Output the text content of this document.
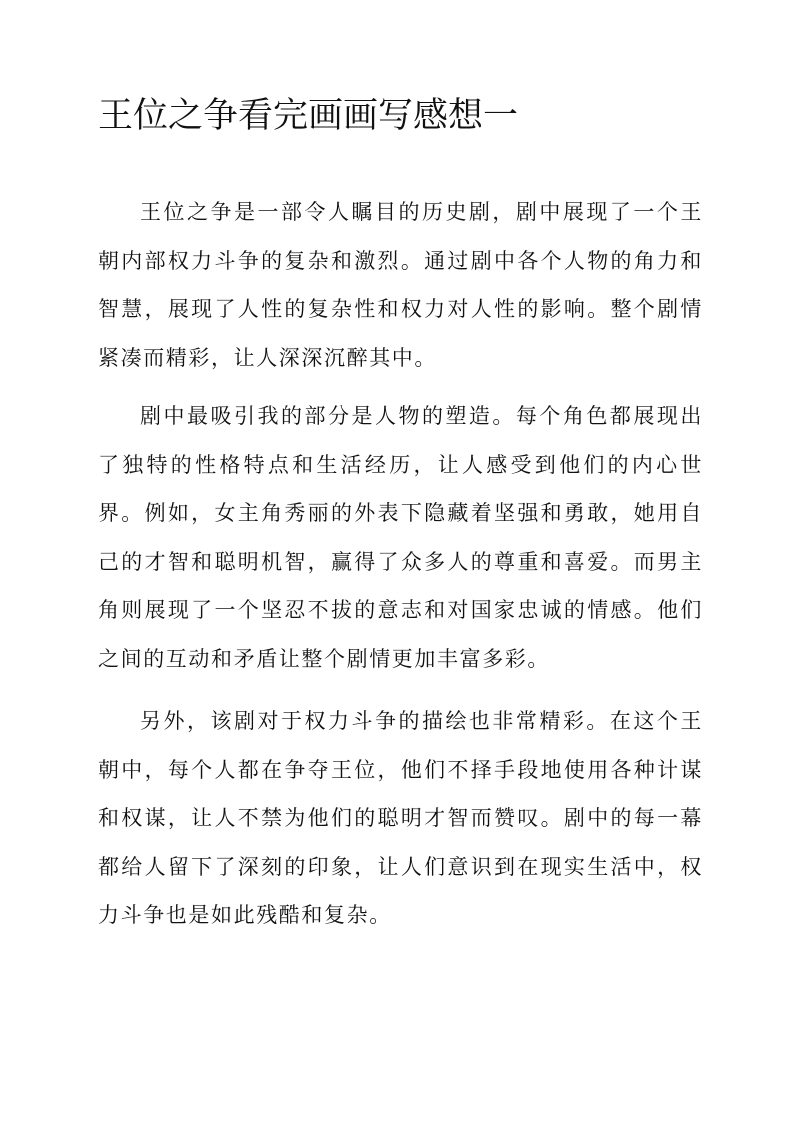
王位之争看完画画写感想一

王位之争是一部令人瞩目的历史剧，剧中展现了一个王朝内部权力斗争的复杂和激烈。通过剧中各个人物的角力和智慧，展现了人性的复杂性和权力对人性的影响。整个剧情紧凑而精彩，让人深深沉醉其中。

剧中最吸引我的部分是人物的塑造。每个角色都展现出了独特的性格特点和生活经历，让人感受到他们的内心世界。例如，女主角秀丽的外表下隐藏着坚强和勇敢，她用自己的才智和聪明机智，赢得了众多人的尊重和喜爱。而男主角则展现了一个坚忍不拔的意志和对国家忠诚的情感。他们之间的互动和矛盾让整个剧情更加丰富多彩。

另外，该剧对于权力斗争的描绘也非常精彩。在这个王朝中，每个人都在争夺王位，他们不择手段地使用各种计谋和权谋，让人不禁为他们的聪明才智而赞叹。剧中的每一幕都给人留下了深刻的印象，让人们意识到在现实生活中，权力斗争也是如此残酷和复杂。
